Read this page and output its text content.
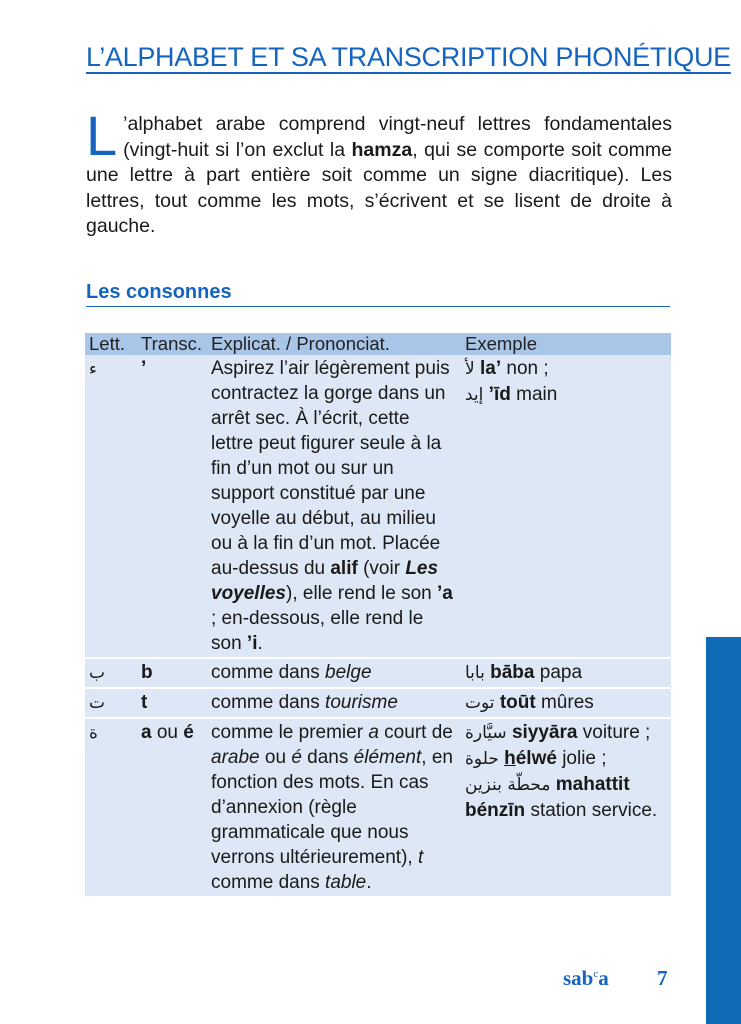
L’ALPHABET ET SA TRANSCRIPTION PHONÉTIQUE
L ’alphabet arabe comprend vingt-neuf lettres fondamentales (vingt-huit si l’on exclut la hamza, qui se comporte soit comme une lettre à part entière soit comme un signe diacritique). Les lettres, tout comme les mots, s’écrivent et se lisent de droite à gauche.
Les consonnes
Lett.	Transc.	Explicat. / Prononciat.	Exemple
ء	’	Aspirez l’air légèrement puis contractez la gorge dans un arrêt sec. À l’écrit, cette lettre peut figurer seule à la fin d’un mot ou sur un support constitué par une voyelle au début, au milieu ou à la fin d’un mot. Placée au-dessus du alif (voir Les voyelles), elle rend le son ’a ; en-dessous, elle rend le son ’i.	لأ la’ non ;
إيد ’īd main

ب	b	comme dans belge	بابا bāba papa
ت	t	comme dans tourisme	توت toūt mûres
ة	a ou é	comme le premier a court de arabe ou é dans élément, en fonction des mots. En cas d’annexion (règle grammaticale que nous verrons ultérieurement), t comme dans table.	سيَّارة siyyāra voiture ;
حلوة hélwé jolie ;
محطّة بنزين mahattit
bénzīn station service.
sab$^c$a 7
